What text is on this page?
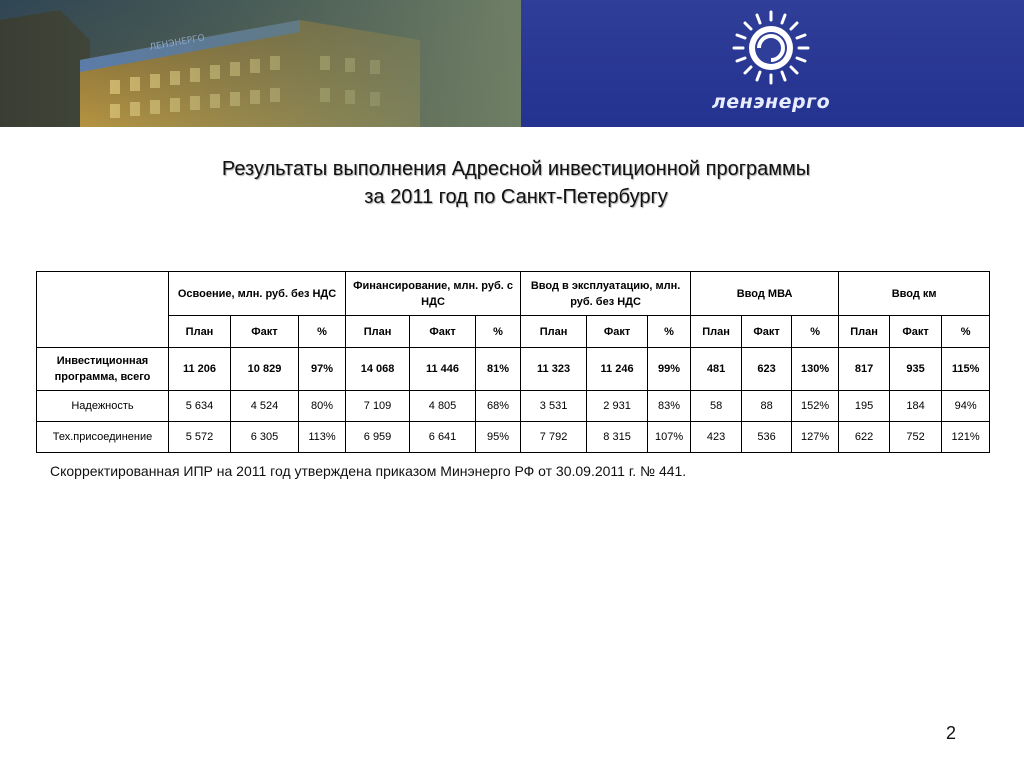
ленэнерго
Результаты выполнения Адресной инвестиционной программы
за 2011 год по Санкт-Петербургу
	Освоение, млн. руб. без НДС			Финансирование, млн. руб. с НДС			Ввод в эксплуатацию, млн. руб. без НДС			Ввод МВА			Ввод км		
	План	Факт	%	План	Факт	%	План	Факт	%	План	Факт	%	План	Факт	%
Инвестиционная программа, всего	11 206	10 829	97%	14 068	11 446	81%	11 323	11 246	99%	481	623	130%	817	935	115%
Надежность	5 634	4 524	80%	7 109	4 805	68%	3 531	2 931	83%	58	88	152%	195	184	94%
Тех.присоединение	5 572	6 305	113%	6 959	6 641	95%	7 792	8 315	107%	423	536	127%	622	752	121%
Скорректированная ИПР на 2011 год утверждена приказом Минэнерго РФ от 30.09.2011 г. № 441.
2
